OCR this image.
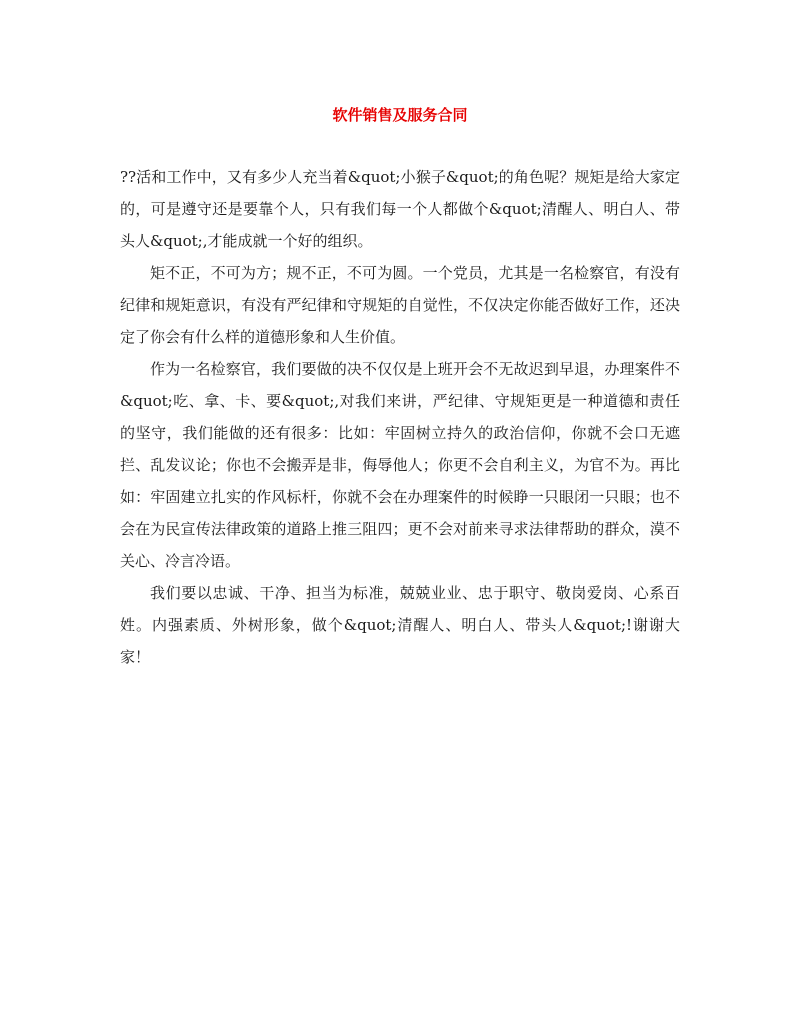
软件销售及服务合同

??活和工作中，又有多少人充当着&quot;小猴子&quot;的角色呢？规矩是给大家定的，可是遵守还是要靠个人，只有我们每一个人都做个&quot;清醒人、明白人、带头人&quot;,才能成就一个好的组织。

矩不正，不可为方；规不正，不可为圆。一个党员，尤其是一名检察官，有没有纪律和规矩意识，有没有严纪律和守规矩的自觉性，不仅决定你能否做好工作，还决定了你会有什么样的道德形象和人生价值。

作为一名检察官，我们要做的决不仅仅是上班开会不无故迟到早退，办理案件不&quot;吃、拿、卡、要&quot;,对我们来讲，严纪律、守规矩更是一种道德和责任的坚守，我们能做的还有很多：比如：牢固树立持久的政治信仰，你就不会口无遮拦、乱发议论；你也不会搬弄是非，侮辱他人；你更不会自利主义，为官不为。再比如：牢固建立扎实的作风标杆，你就不会在办理案件的时候睁一只眼闭一只眼；也不会在为民宣传法律政策的道路上推三阻四；更不会对前来寻求法律帮助的群众，漠不关心、冷言冷语。

我们要以忠诚、干净、担当为标准，兢兢业业、忠于职守、敬岗爱岗、心系百姓。内强素质、外树形象，做个&quot;清醒人、明白人、带头人&quot;!谢谢大家！
